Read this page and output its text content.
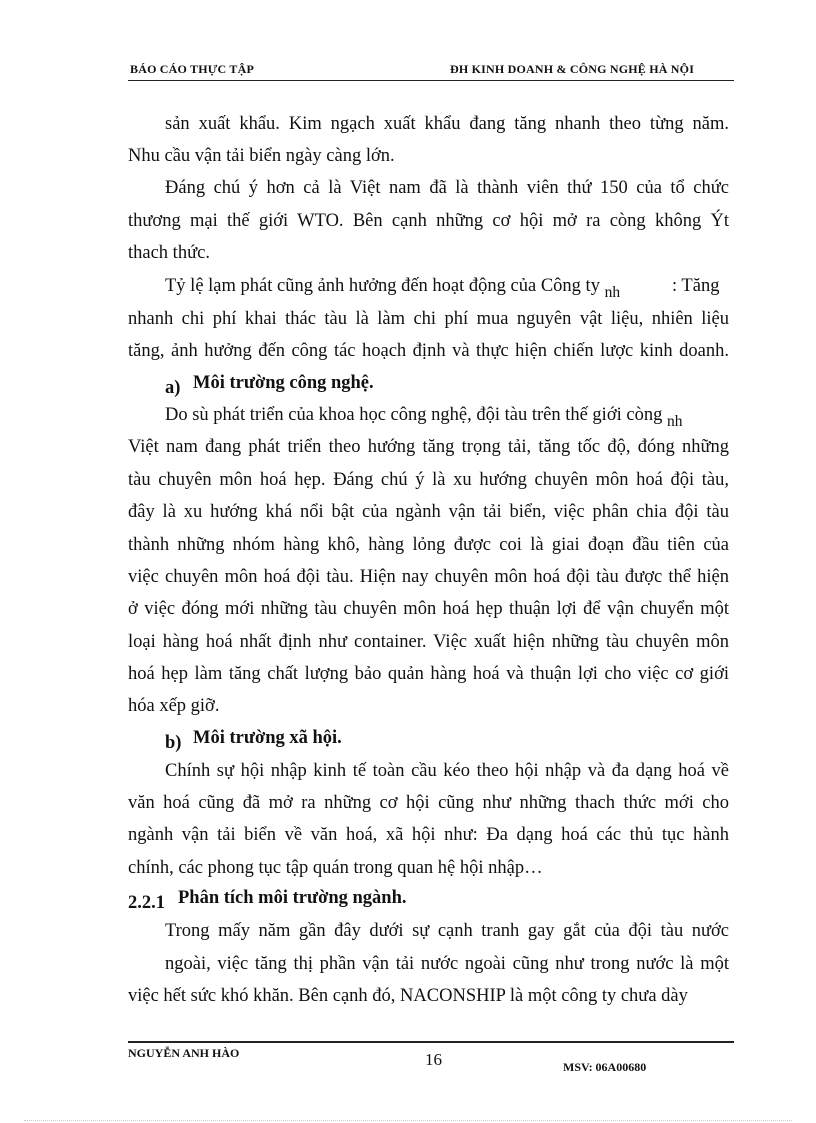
BÁO CÁO THỰC TẬP	ĐH KINH DOANH & CÔNG NGHỆ HÀ NỘI
sản xuất khẩu. Kim ngạch xuất khẩu đang tăng nhanh theo từng năm.
Nhu cầu vận tải biển ngày càng lớn.
Đáng chú ý hơn cả là Việt nam đã là thành viên thứ 150 của tổ chức
thương mại thế giới WTO. Bên cạnh những cơ hội mở ra còng không Ýt
thach thức.
Tỷ lệ lạm phát cũng ảnh hưởng đến hoạt động của Công ty $_{nh}$	: Tăng
nhanh chi phí khai thác tàu là làm chi phí mua nguyên vật liệu, nhiên liệu
tăng, ảnh hưởng đến công tác hoạch định và thực hiện chiến lược kinh doanh.
a) Môi trường công nghệ.
Do sù phát triển của khoa học công nghệ, đội tàu trên thế giới còng $_{nh}$
Việt nam đang phát triển theo hướng tăng trọng tải, tăng tốc độ, đóng những
tàu chuyên môn hoá hẹp. Đáng chú ý là xu hướng chuyên môn hoá đội tàu,
đây là xu hướng khá nổi bật của ngành vận tải biển, việc phân chia đội tàu
thành những nhóm hàng khô, hàng lỏng được coi là giai đoạn đầu tiên của
việc chuyên môn hoá đội tàu. Hiện nay chuyên môn hoá đội tàu được thể hiện
ở việc đóng mới những tàu chuyên môn hoá hẹp thuận lợi để vận chuyển một
loại hàng hoá nhất định như container. Việc xuất hiện những tàu chuyên môn
hoá hẹp làm tăng chất lượng bảo quản hàng hoá và thuận lợi cho việc cơ giới
hóa xếp giỡ.
b) Môi trường xã hội.
Chính sự hội nhập kinh tế toàn cầu kéo theo hội nhập và đa dạng hoá về
văn hoá cũng đã mở ra những cơ hội cũng như những thach thức mới cho
ngành vận tải biển về văn hoá, xã hội như: Đa dạng hoá các thủ tục hành
chính, các phong tục tập quán trong quan hệ hội nhập…
2.2.1 Phân tích môi trường ngành.
Trong mấy năm gần đây dưới sự cạnh tranh gay gắt của đội tàu nước
ngoài, việc tăng thị phần vận tải nước ngoài cũng như trong nước là một
việc hết sức khó khăn. Bên cạnh đó, NACONSHIP là một công ty chưa dày
NGUYỄN ANH HÀO	16	MSV: 06A00680
